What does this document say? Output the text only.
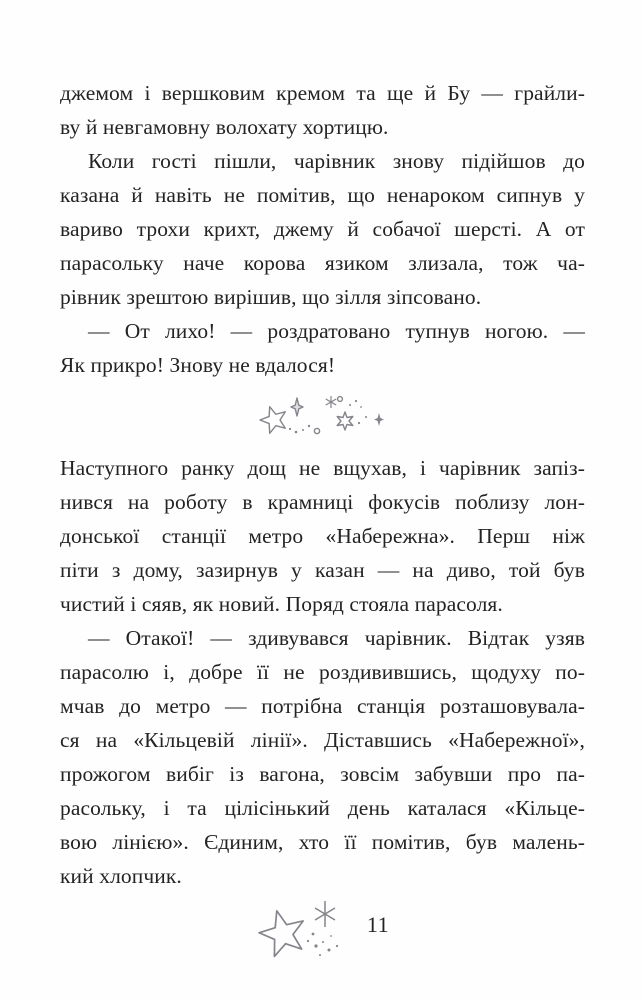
джемом і вершковим кремом та ще й Бу — грайли-
ву й невгамовну волохату хортицю.
Коли гості пішли, чарівник знову підійшов до
казана й навіть не помітив, що ненароком сипнув у
вариво трохи крихт, джему й собачої шерсті. А от
парасольку наче корова язиком злизала, тож ча-
рівник зрештою вирішив, що зілля зіпсовано.
— От лихо! — роздратовано тупнув ногою. —
Як прикро! Знову не вдалося!
Наступного ранку дощ не вщухав, і чарівник запіз-
нився на роботу в крамниці фокусів поблизу лон-
донської станції метро «Набережна». Перш ніж
піти з дому, зазирнув у казан — на диво, той був
чистий і сяяв, як новий. Поряд стояла парасоля.
— Отакої! — здивувався чарівник. Відтак узяв
парасолю і, добре її не роздивившись, щодуху по-
мчав до метро — потрібна станція розташовувала-
ся на «Кільцевій лінії». Діставшись «Набережної»,
прожогом вибіг із вагона, зовсім забувши про па-
расольку, і та цілісінький день каталася «Кільце-
вою лінією». Єдиним, хто її помітив, був малень-
кий хлопчик.
11
